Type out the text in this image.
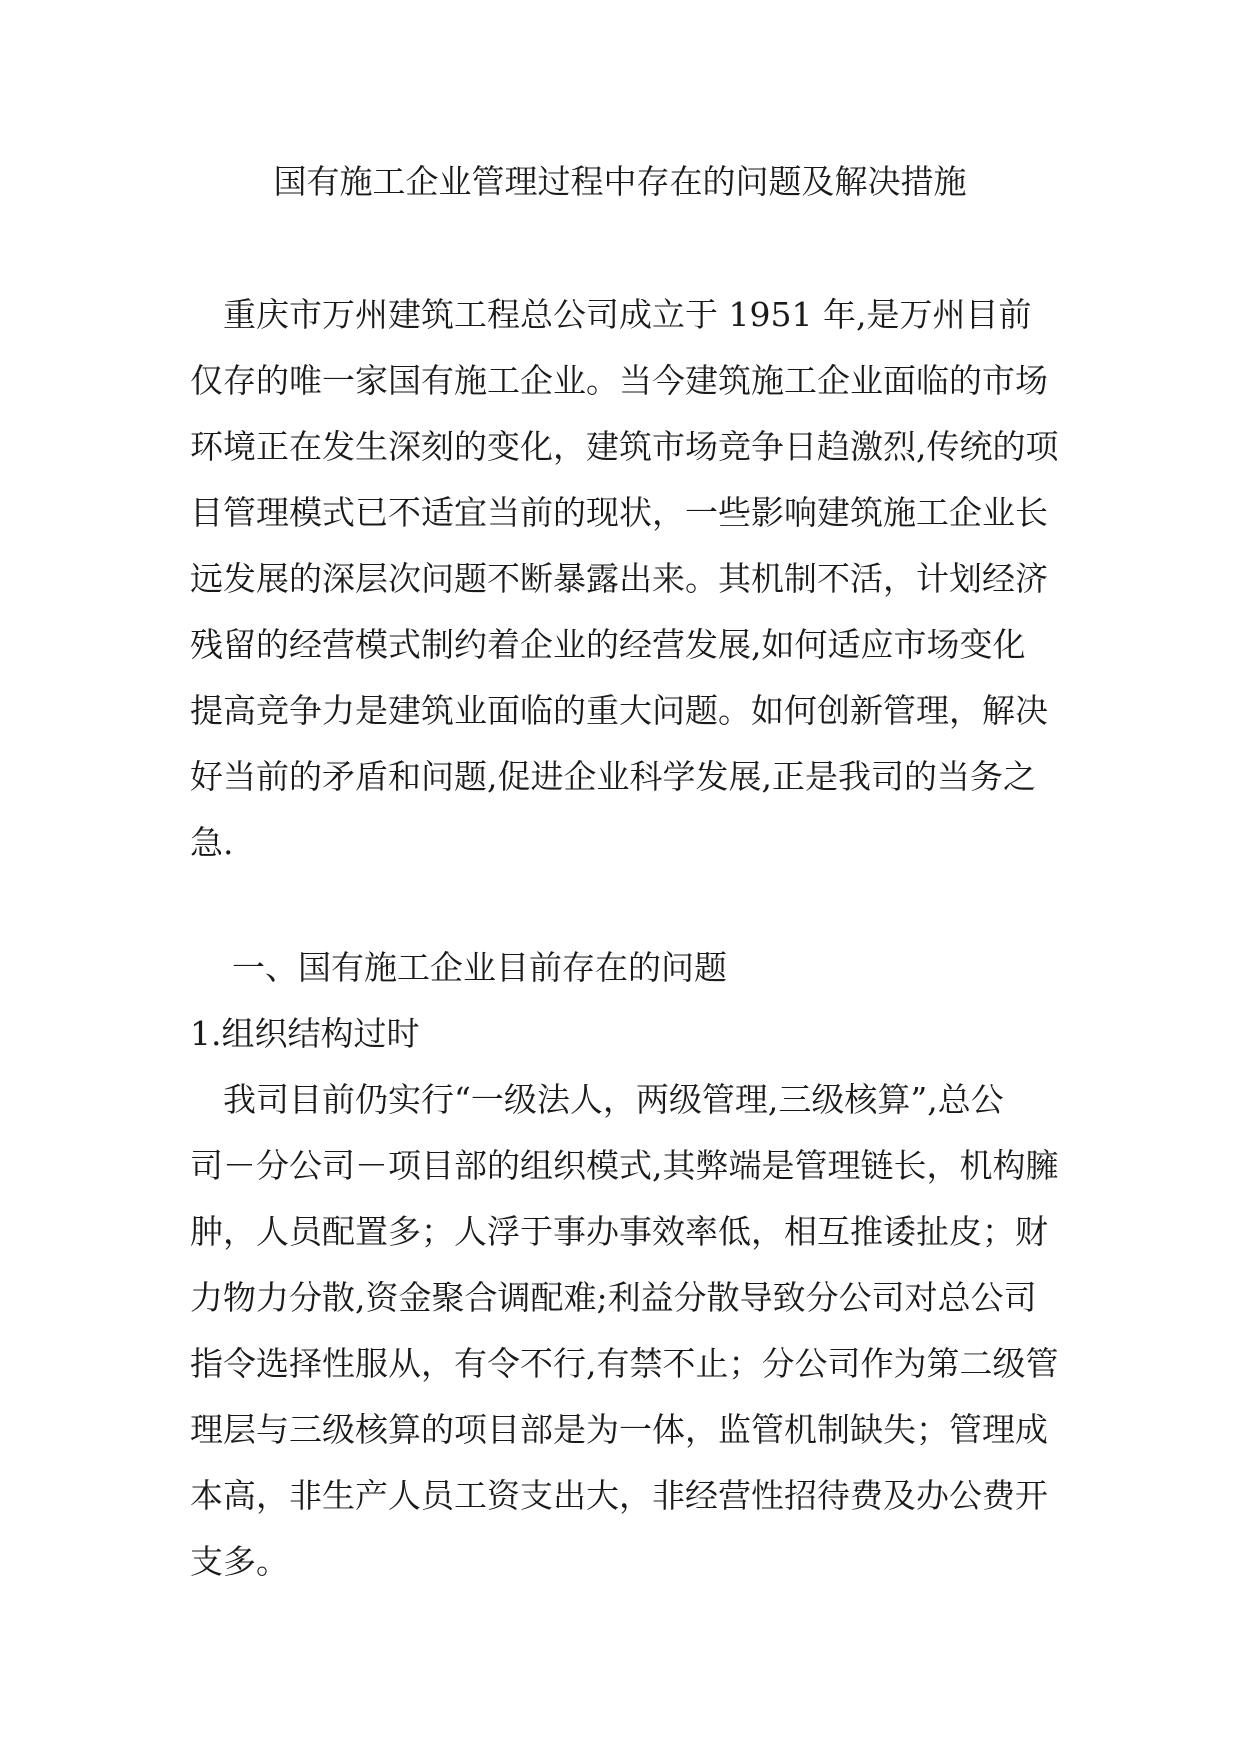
国有施工企业管理过程中存在的问题及解决措施
　重庆市万州建筑工程总公司成立于 1951 年,是万州目前
仅存的唯一家国有施工企业。当今建筑施工企业面临的市场
环境正在发生深刻的变化，建筑市场竞争日趋激烈,传统的项
目管理模式已不适宜当前的现状，一些影响建筑施工企业长
远发展的深层次问题不断暴露出来。其机制不活，计划经济
残留的经营模式制约着企业的经营发展,如何适应市场变化
提高竞争力是建筑业面临的重大问题。如何创新管理，解决
好当前的矛盾和问题,促进企业科学发展,正是我司的当务之
急.
一、国有施工企业目前存在的问题
1.组织结构过时
　我司目前仍实行“一级法人，两级管理,三级核算”,总公
司－分公司－项目部的组织模式,其弊端是管理链长，机构臃
肿，人员配置多；人浮于事办事效率低，相互推诿扯皮；财
力物力分散,资金聚合调配难;利益分散导致分公司对总公司
指令选择性服从，有令不行,有禁不止；分公司作为第二级管
理层与三级核算的项目部是为一体，监管机制缺失；管理成
本高，非生产人员工资支出大，非经营性招待费及办公费开
支多。
